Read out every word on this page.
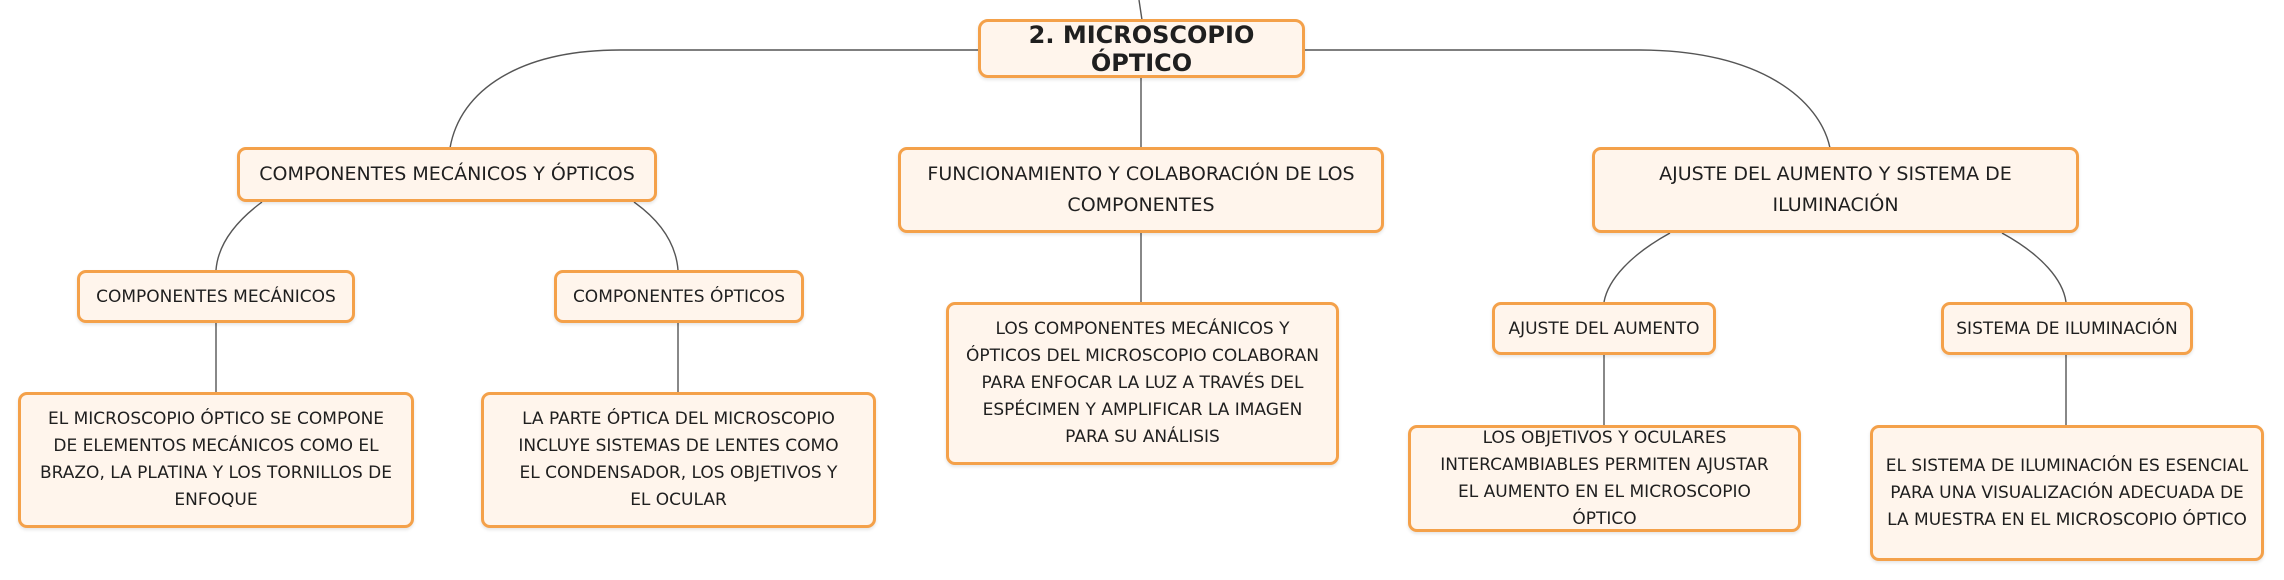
2. MICROSCOPIO ÓPTICO
COMPONENTES MECÁNICOS Y ÓPTICOS	FUNCIONAMIENTO Y COLABORACIÓN DE LOS COMPONENTES
AJUSTE DEL AUMENTO Y SISTEMA DE ILUMINACIÓN
COMPONENTES MECÁNICOS	COMPONENTES ÓPTICOS
AJUSTE DEL AUMENTO	SISTEMA DE ILUMINACIÓN
EL MICROSCOPIO ÓPTICO SE COMPONE DE ELEMENTOS MECÁNICOS COMO EL BRAZO, LA PLATINA Y LOS TORNILLOS DE ENFOQUE
LA PARTE ÓPTICA DEL MICROSCOPIO INCLUYE SISTEMAS DE LENTES COMO EL CONDENSADOR, LOS OBJETIVOS Y EL OCULAR
LOS COMPONENTES MECÁNICOS Y ÓPTICOS DEL MICROSCOPIO COLABORAN PARA ENFOCAR LA LUZ A TRAVÉS DEL ESPÉCIMEN Y AMPLIFICAR LA IMAGEN PARA SU ANÁLISIS	LOS OBJETIVOS Y OCULARES INTERCAMBIABLES PERMITEN AJUSTAR EL AUMENTO EN EL MICROSCOPIO ÓPTICO
EL SISTEMA DE ILUMINACIÓN ES ESENCIAL PARA UNA VISUALIZACIÓN ADECUADA DE LA MUESTRA EN EL MICROSCOPIO ÓPTICO
